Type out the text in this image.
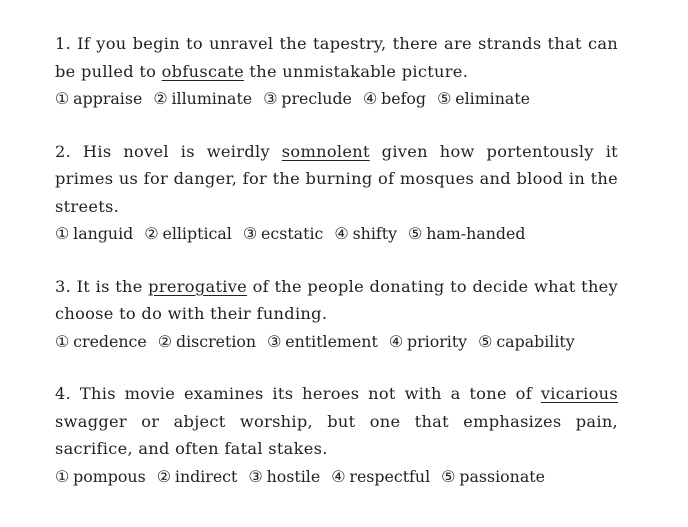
1. If you begin to unravel the tapestry, there are strands that can be pulled to obfuscate the unmistakable picture.

① appraise ② illuminate ③ preclude ④ befog ⑤ eliminate

2. His novel is weirdly somnolent given how portentously it primes us for danger, for the burning of mosques and blood in the streets.

① languid ② elliptical ③ ecstatic ④ shifty ⑤ ham-handed

3. It is the prerogative of the people donating to decide what they choose to do with their funding.

① credence ② discretion ③ entitlement ④ priority ⑤ capability

4. This movie examines its heroes not with a tone of vicarious swagger or abject worship, but one that emphasizes pain, sacrifice, and often fatal stakes.

① pompous ② indirect ③ hostile ④ respectful ⑤ passionate
